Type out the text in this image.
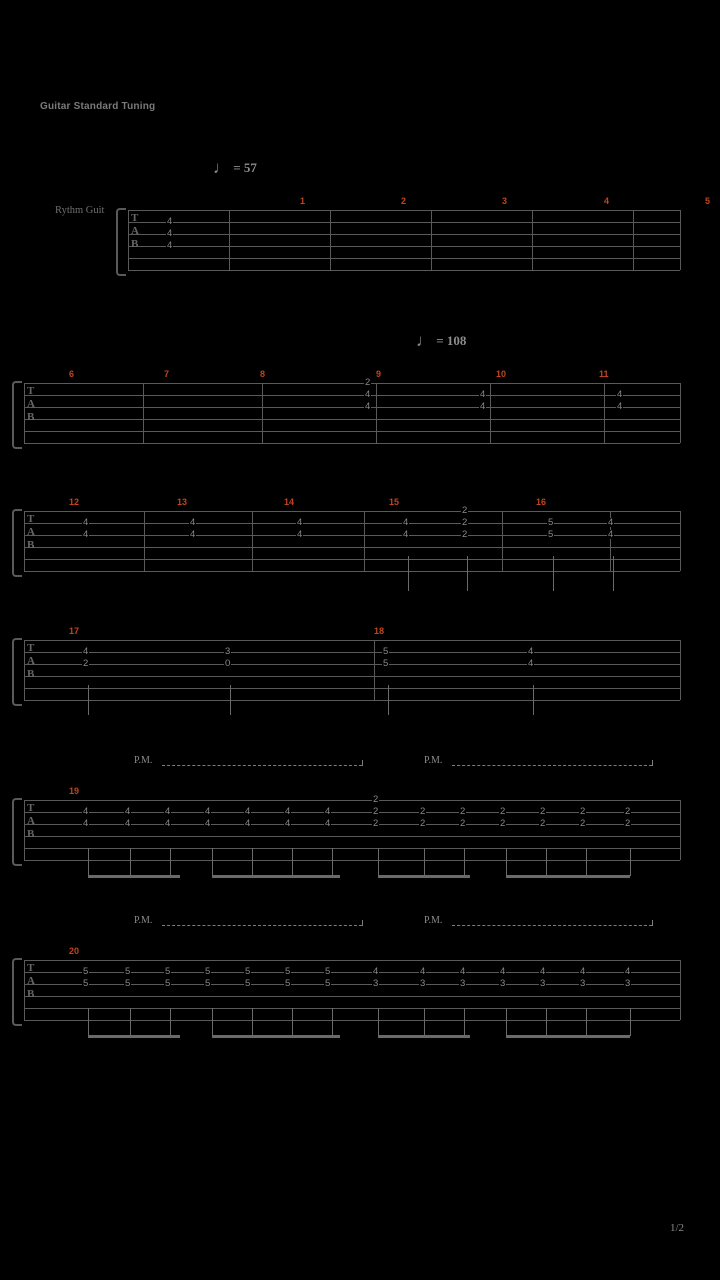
Guitar Standard Tuning
♩ = 57
♩ = 108
T
A
B
1	2	3	4	5
4
4
4
T
A
B
6	7	8	9	10	11
2
4
4
4
4
4
4
T
A
B
12	13	14	15	16
4
4
4
4
4
4
4
4
2
2
2
5
5
4
4
T
A
B
17	18
4
2
3
0
5
5
4
4
T
A
B
19
P.M.	P.M.
4
4
4
4
4
4
4
4
4
4
4
4
4
4
2
2
2
2
2
2
2
2
2
2
2
2
2
2
2
T
A
B
20
P.M.	P.M.
5
5
5
5
5
5
5
5
5
5
5
5
5
5
4
3
4
3
4
3
4
3
4
3
4
3
4
3
1/2
Rythm Guit
